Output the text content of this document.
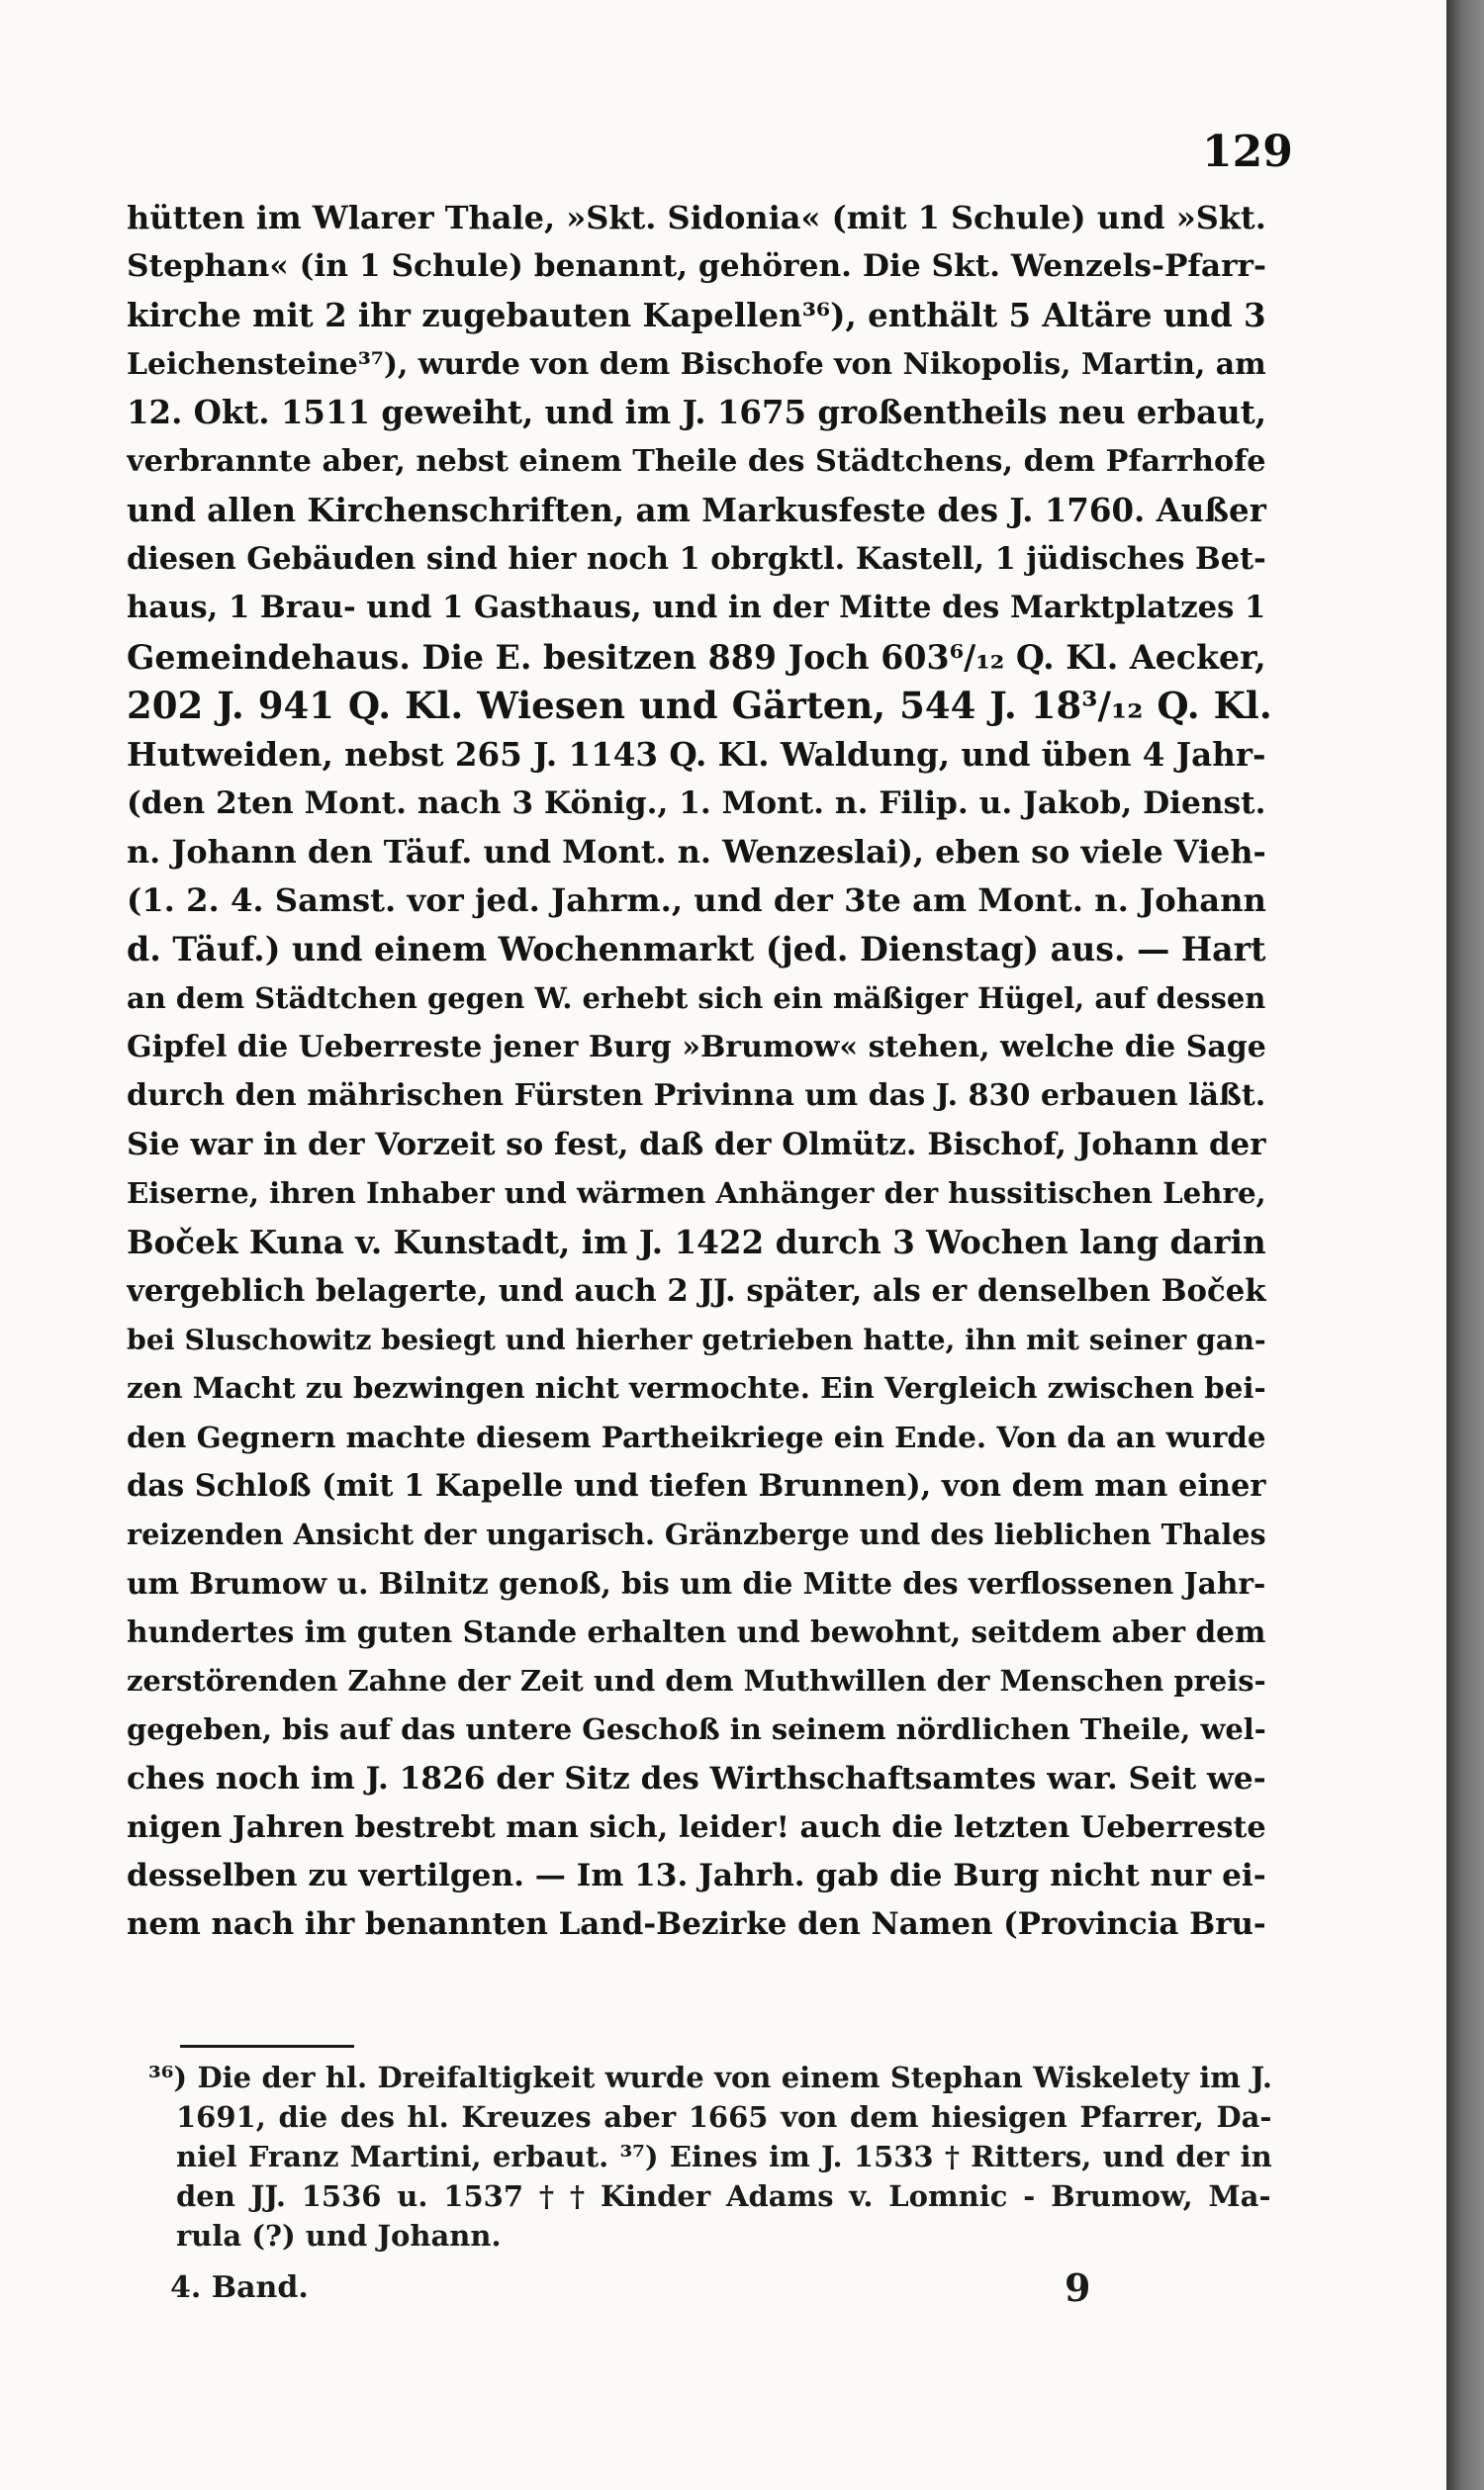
129
hütten im Wlarer Thale, »Skt. Sidonia« (mit 1 Schule) und »Skt.
Stephan« (in 1 Schule) benannt, gehören. Die Skt. Wenzels-Pfarr-
kirche mit 2 ihr zugebauten Kapellen³⁶), enthält 5 Altäre und 3
Leichensteine³⁷), wurde von dem Bischofe von Nikopolis, Martin, am
12. Okt. 1511 geweiht, und im J. 1675 großentheils neu erbaut,
verbrannte aber, nebst einem Theile des Städtchens, dem Pfarrhofe
und allen Kirchenschriften, am Markusfeste des J. 1760. Außer
diesen Gebäuden sind hier noch 1 obrgktl. Kastell, 1 jüdisches Bet-
haus, 1 Brau- und 1 Gasthaus, und in der Mitte des Marktplatzes 1
Gemeindehaus. Die E. besitzen 889 Joch 603⁶/₁₂ Q. Kl. Aecker,
202 J. 941 Q. Kl. Wiesen und Gärten, 544 J. 18³/₁₂ Q. Kl.
Hutweiden, nebst 265 J. 1143 Q. Kl. Waldung, und üben 4 Jahr-
(den 2ten Mont. nach 3 König., 1. Mont. n. Filip. u. Jakob, Dienst.
n. Johann den Täuf. und Mont. n. Wenzeslai), eben so viele Vieh-
(1. 2. 4. Samst. vor jed. Jahrm., und der 3te am Mont. n. Johann
d. Täuf.) und einem Wochenmarkt (jed. Dienstag) aus. — Hart
an dem Städtchen gegen W. erhebt sich ein mäßiger Hügel, auf dessen
Gipfel die Ueberreste jener Burg »Brumow« stehen, welche die Sage
durch den mährischen Fürsten Privinna um das J. 830 erbauen läßt.
Sie war in der Vorzeit so fest, daß der Olmütz. Bischof, Johann der
Eiserne, ihren Inhaber und wärmen Anhänger der hussitischen Lehre,
Boček Kuna v. Kunstadt, im J. 1422 durch 3 Wochen lang darin
vergeblich belagerte, und auch 2 JJ. später, als er denselben Boček
bei Sluschowitz besiegt und hierher getrieben hatte, ihn mit seiner gan-
zen Macht zu bezwingen nicht vermochte. Ein Vergleich zwischen bei-
den Gegnern machte diesem Partheikriege ein Ende. Von da an wurde
das Schloß (mit 1 Kapelle und tiefen Brunnen), von dem man einer
reizenden Ansicht der ungarisch. Gränzberge und des lieblichen Thales
um Brumow u. Bilnitz genoß, bis um die Mitte des verflossenen Jahr-
hundertes im guten Stande erhalten und bewohnt, seitdem aber dem
zerstörenden Zahne der Zeit und dem Muthwillen der Menschen preis-
gegeben, bis auf das untere Geschoß in seinem nördlichen Theile, wel-
ches noch im J. 1826 der Sitz des Wirthschaftsamtes war. Seit we-
nigen Jahren bestrebt man sich, leider! auch die letzten Ueberreste
desselben zu vertilgen. — Im 13. Jahrh. gab die Burg nicht nur ei-
nem nach ihr benannten Land-Bezirke den Namen (Provincia Bru-
³⁶) Die der hl. Dreifaltigkeit wurde von einem Stephan Wiskelety im J.
1691, die des hl. Kreuzes aber 1665 von dem hiesigen Pfarrer, Da-
niel Franz Martini, erbaut. ³⁷) Eines im J. 1533 † Ritters, und der in
den JJ. 1536 u. 1537 † † Kinder Adams v. Lomnic - Brumow, Ma-
rula (?) und Johann.
4. Band.	9
